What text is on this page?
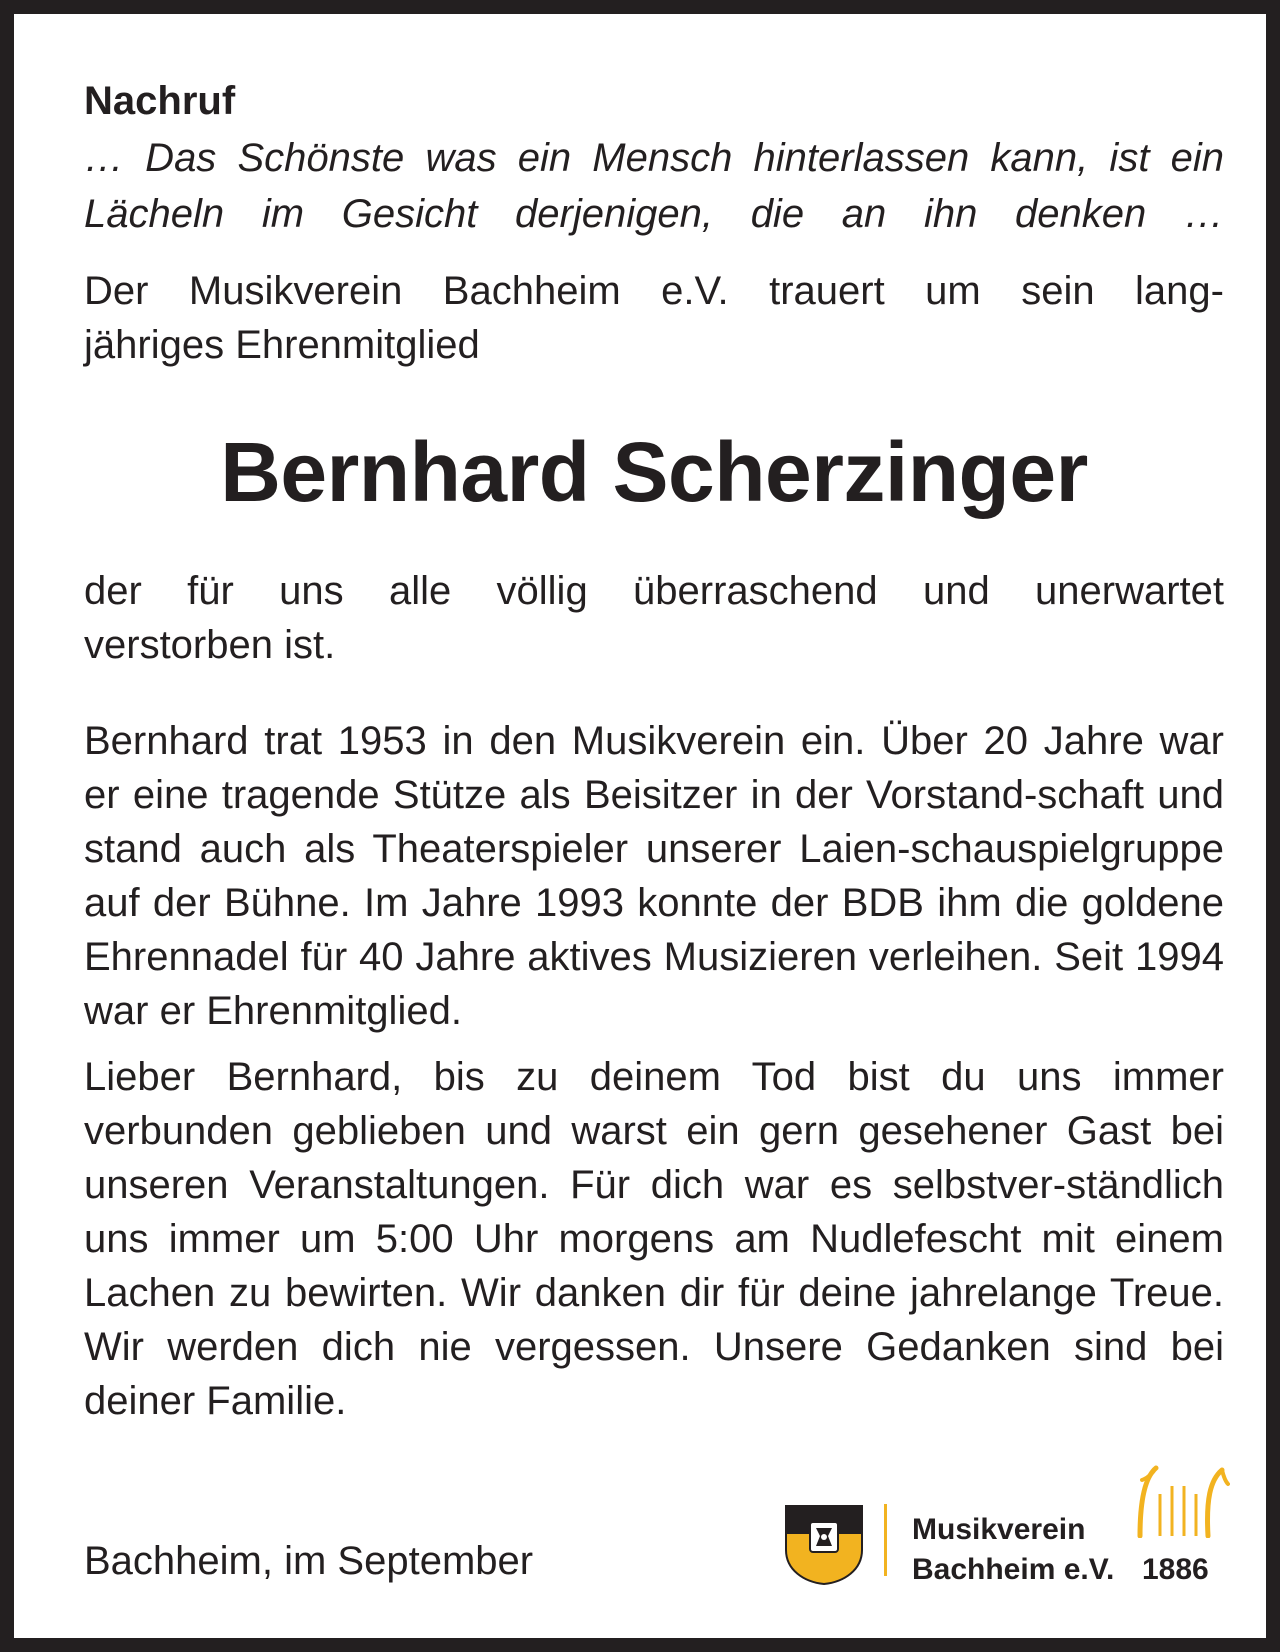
Nachruf

… Das Schönste was ein Mensch hinterlassen kann, ist ein Lächeln im Gesicht derjenigen, die an ihn denken …

Der Musikverein Bachheim e.V. trauert um sein lang-
jähriges Ehrenmitglied

Bernhard Scherzinger

der für uns alle völlig überraschend und unerwartet
verstorben ist.

Bernhard trat 1953 in den Musikverein ein. Über 20 Jahre war er eine tragende Stütze als Beisitzer in der Vorstand-schaft und stand auch als Theaterspieler unserer Laien-schauspielgruppe auf der Bühne. Im Jahre 1993 konnte der BDB ihm die goldene Ehrennadel für 40 Jahre aktives Musizieren verleihen. Seit 1994 war er Ehrenmitglied.

Lieber Bernhard, bis zu deinem Tod bist du uns immer verbunden geblieben und warst ein gern gesehener Gast bei unseren Veranstaltungen. Für dich war es selbstver-ständlich uns immer um 5:00 Uhr morgens am Nudlefescht mit einem Lachen zu bewirten. Wir danken dir für deine jahrelange Treue. Wir werden dich nie vergessen. Unsere Gedanken sind bei deiner Familie.

Bachheim, im September
Musikverein
Bachheim e.V. 1886
